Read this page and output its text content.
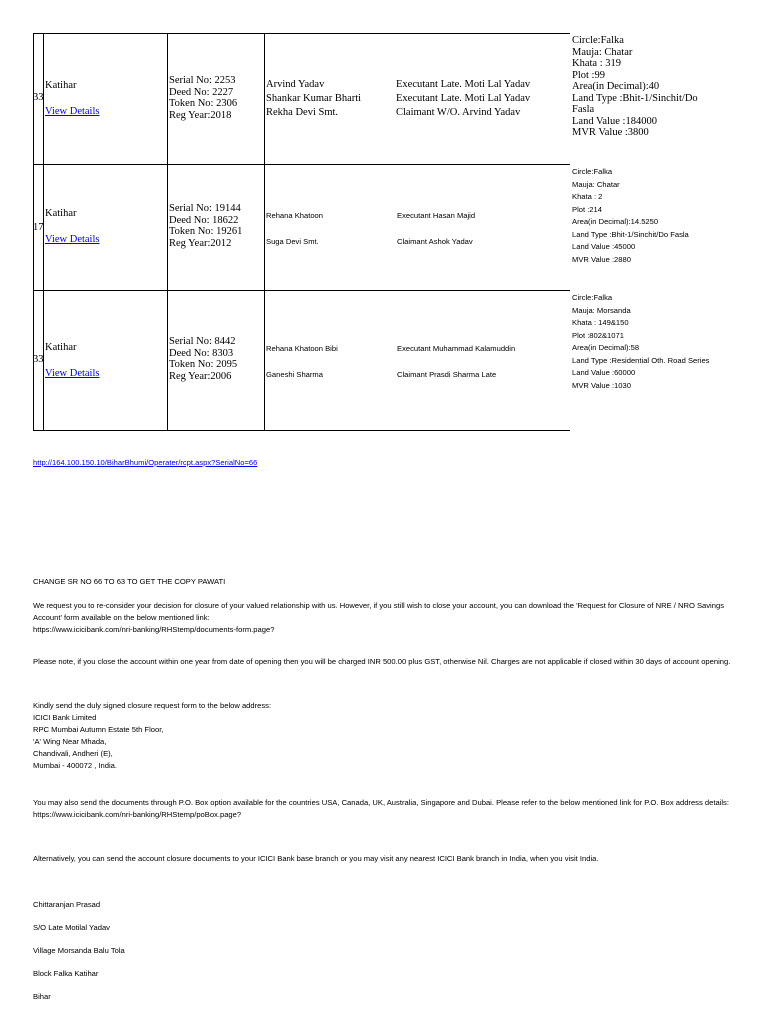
33
Katihar
View Details
Serial No: 2253
Deed No: 2227
Token No: 2306
Reg Year:2018
Arvind Yadav
Shankar Kumar Bharti
Rekha Devi Smt.
Executant Late. Moti Lal Yadav
Executant Late. Moti Lal Yadav
Claimant W/O. Arvind Yadav
Circle:Falka
Mauja: Chatar
Khata : 319
Plot :99
Area(in Decimal):40
Land Type :Bhit-1/Sinchit/Do Fasla
Land Value :184000
MVR Value :3800
17
Katihar
View Details
Serial No: 19144
Deed No: 18622
Token No: 19261
Reg Year:2012
Rehana Khatoon
Suga Devi Smt.
Executant Hasan Majid
Claimant Ashok Yadav
Circle:Falka
Mauja: Chatar
Khata : 2
Plot :214
Area(in Decimal):14.5250
Land Type :Bhit-1/Sinchit/Do Fasla
Land Value :45000
MVR Value :2880
33
Katihar
View Details
Serial No: 8442
Deed No: 8303
Token No: 2095
Reg Year:2006
Rehana Khatoon Bibi
Ganeshi Sharma
Executant Muhammad Kalamuddin
Claimant Prasdi Sharma Late
Circle:Falka
Mauja: Morsanda
Khata : 149&150
Plot :802&1071
Area(in Decimal):58
Land Type :Residential Oth. Road Series
Land Value :60000
MVR Value :1030
http://164.100.150.10/BiharBhumi/Operater/rcpt.aspx?SerialNo=66
CHANGE SR NO 66 TO 63 TO GET THE COPY PAWATI
We request you to re-consider your decision for closure of your valued relationship with us. However, if you still wish to close your account, you can download the 'Request for Closure of NRE / NRO Savings Account' form available on the below mentioned link:
https://www.icicibank.com/nri-banking/RHStemp/documents-form.page?
Please note, if you close the account within one year from date of opening then you will be charged INR 500.00 plus GST, otherwise Nil. Charges are not applicable if closed within 30 days of account opening.
Kindly send the duly signed closure request form to the below address:
ICICI Bank Limited
RPC Mumbai Autumn Estate 5th Floor,
'A' Wing Near Mhada,
Chandivali, Andheri (E),
Mumbai - 400072 , India.
You may also send the documents through P.O. Box option available for the countries USA, Canada, UK, Australia, Singapore and Dubai. Please refer to the below mentioned link for P.O. Box address details:
https://www.icicibank.com/nri-banking/RHStemp/poBox.page?
Alternatively, you can send the account closure documents to your ICICI Bank base branch or you may visit any nearest ICICI Bank branch in India, when you visit India.
Chittaranjan Prasad
S/O Late Motilal Yadav
Village Morsanda Balu Tola
Block Falka Katihar
Bihar
